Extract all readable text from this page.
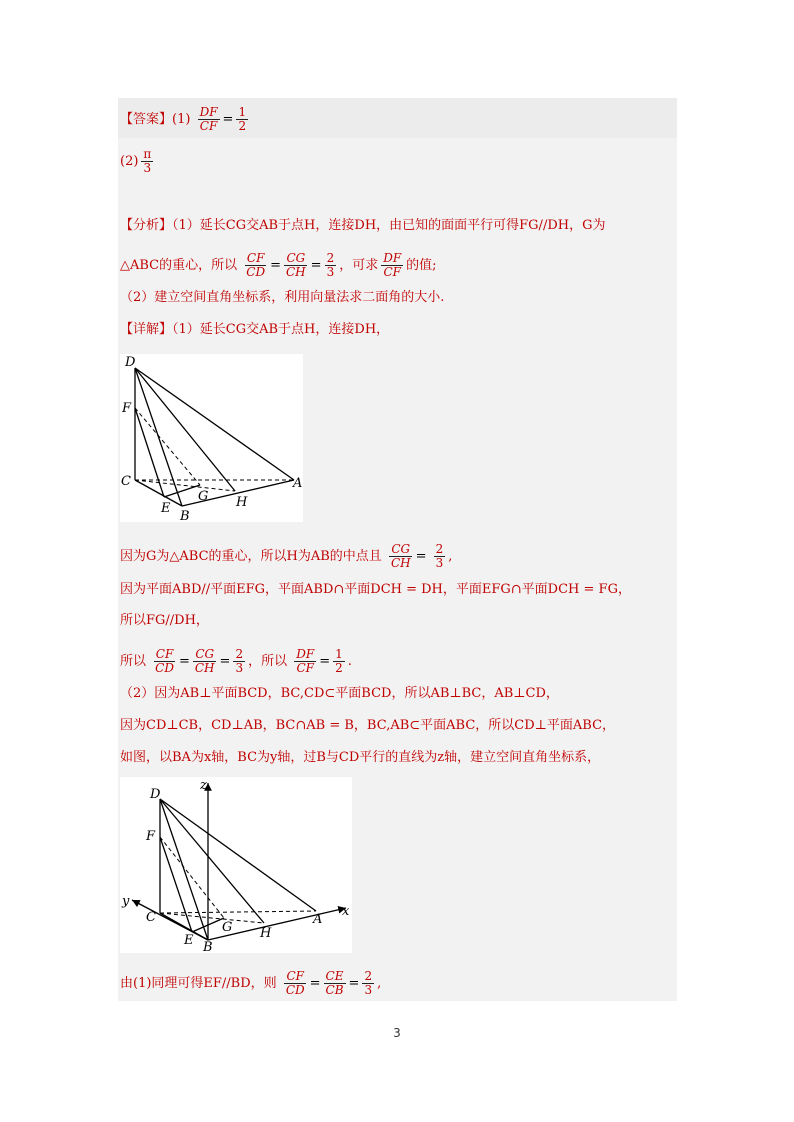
【答案】$(1) \frac{DF}{CF} = \frac{1}{2}$
$(2) \frac{\pi}{3}$
【分析】（1）延长CG交AB于点H，连接DH，由已知的面面平行可得FG//DH，G为
△ABC的重心，所以 $\frac{CF}{CD} = \frac{CG}{CH} = \frac{2}{3}$ ，可求 $\frac{DF}{CF}$ 的值;
（2）建立空间直角坐标系，利用向量法求二面角的大小.
【详解】（1）延长CG交AB于点H，连接DH，
D
F
C
G
A
E
B
H
因为G为△ABC的重心，所以H为AB的中点且 $\frac{CG}{CH} = \frac{2}{3}$ ,
因为平面ABD//平面EFG，平面ABD∩平面DCH = DH，平面EFG∩平面DCH = FG，
所以FG//DH，
所以 $\frac{CF}{CD} = \frac{CG}{CH} = \frac{2}{3}$ ，所以 $\frac{DF}{CF} = \frac{1}{2}$ .
（2）因为AB⊥平面BCD，BC,CD⊂平面BCD，所以AB⊥BC，AB⊥CD，
因为CD⊥CB，CD⊥AB，BC∩AB = B，BC,AB⊂平面ABC，所以CD⊥平面ABC，
如图，以BA为x轴，BC为y轴，过B与CD平行的直线为z轴，建立空间直角坐标系，
z
D
F
y
C
G
A
x
E B
H
由(1)同理可得EF//BD，则 $\frac{CF}{CD} = \frac{CE}{CB} = \frac{2}{3}$ ,
3
